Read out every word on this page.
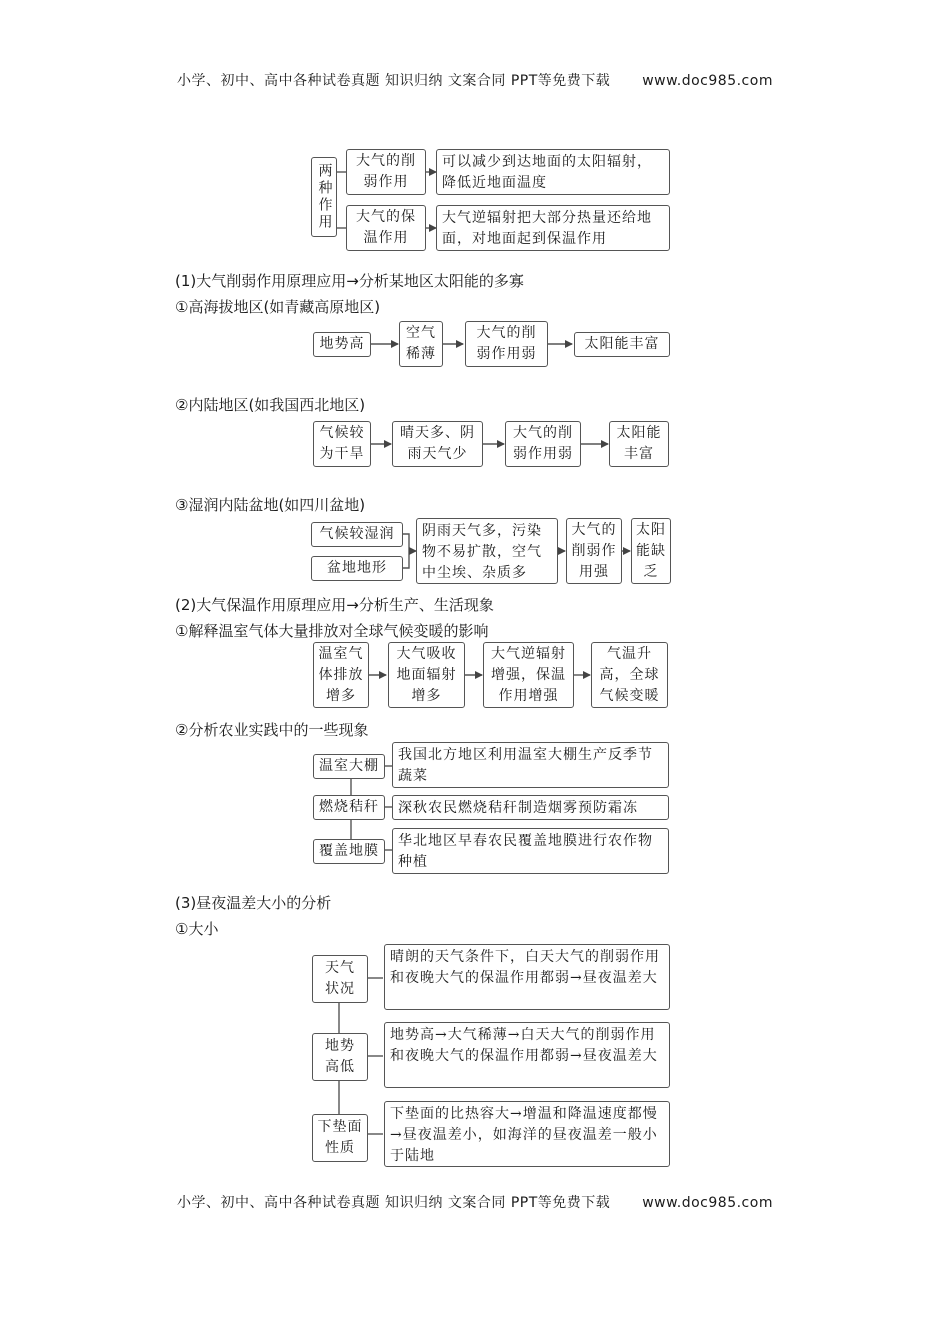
小学、初中、高中各种试卷真题 知识归纳 文案合同 PPT等免费下载 www.doc985.com
小学、初中、高中各种试卷真题 知识归纳 文案合同 PPT等免费下载 www.doc985.com
两种作用
大气的削弱作用
可以减少到达地面的太阳辐射，降低近地面温度
大气的保温作用
大气逆辐射把大部分热量还给地面，对地面起到保温作用
(1)大气削弱作用原理应用→分析某地区太阳能的多寡
①高海拔地区(如青藏高原地区)
地势高
空气稀薄
大气的削弱作用弱
太阳能丰富
②内陆地区(如我国西北地区)
气候较为干旱
晴天多、阴雨天气少
大气的削弱作用弱
太阳能丰富
③湿润内陆盆地(如四川盆地)
气候较湿润
盆地地形
阴雨天气多，污染物不易扩散，空气中尘埃、杂质多
大气的削弱作用强
太阳能缺乏
(2)大气保温作用原理应用→分析生产、生活现象
①解释温室气体大量排放对全球气候变暖的影响
温室气体排放增多
大气吸收地面辐射增多
大气逆辐射增强，保温作用增强
气温升高，全球气候变暖
②分析农业实践中的一些现象
温室大棚
我国北方地区利用温室大棚生产反季节蔬菜
燃烧秸秆	深秋农民燃烧秸秆制造烟雾预防霜冻
覆盖地膜
华北地区早春农民覆盖地膜进行农作物种植
(3)昼夜温差大小的分析
①大小
天气状况
晴朗的天气条件下，白天大气的削弱作用和夜晚大气的保温作用都弱→昼夜温差大
地势高低
地势高→大气稀薄→白天大气的削弱作用和夜晚大气的保温作用都弱→昼夜温差大
下垫面性质
下垫面的比热容大→增温和降温速度都慢→昼夜温差小，如海洋的昼夜温差一般小于陆地
